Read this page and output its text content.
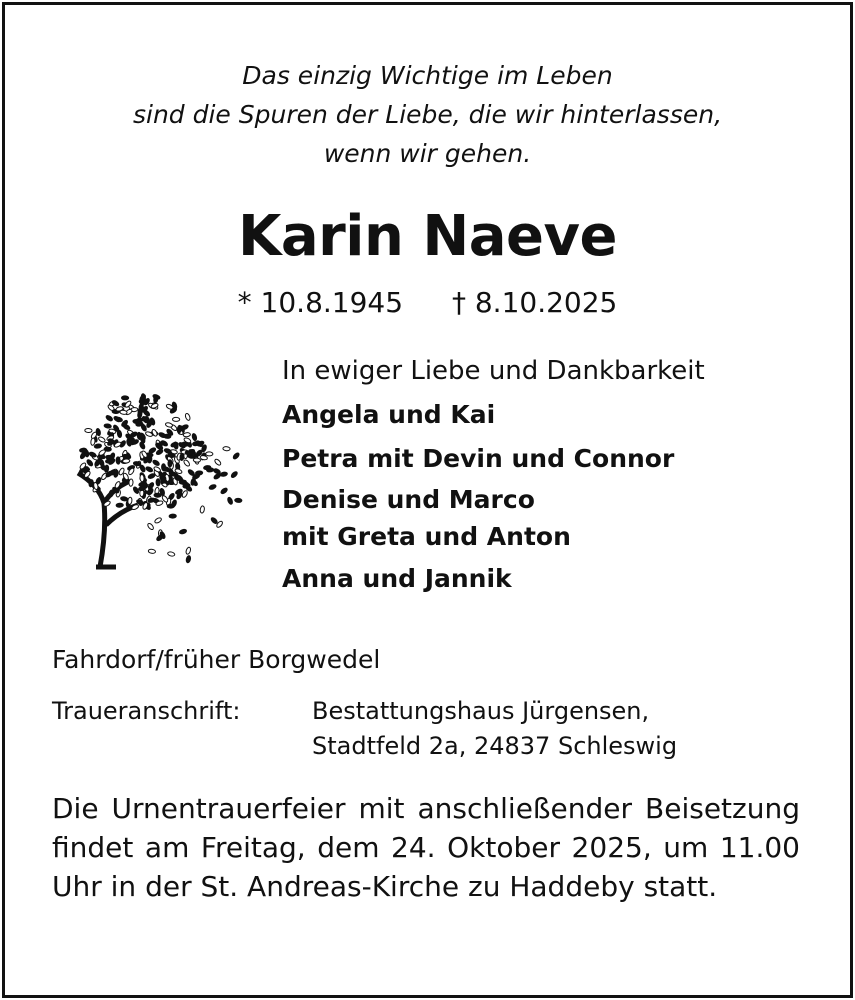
Das einzig Wichtige im Leben
sind die Spuren der Liebe, die wir hinterlassen,
wenn wir gehen.
Karin Naeve
* 10.8.1945 † 8.10.2025
In ewiger Liebe und Dankbarkeit
Angela und Kai
Petra mit Devin und Connor
Denise und Marco
mit Greta und Anton
Anna und Jannik
Fahrdorf/früher Borgwedel
Traueranschrift:	Bestattungshaus Jürgensen,
Stadtfeld 2a, 24837 Schleswig
Die Urnentrauerfeier mit anschließender Beisetzung findet am Freitag, dem 24. Oktober 2025, um 11.00 Uhr in der St. Andreas-Kirche zu Haddeby statt.
